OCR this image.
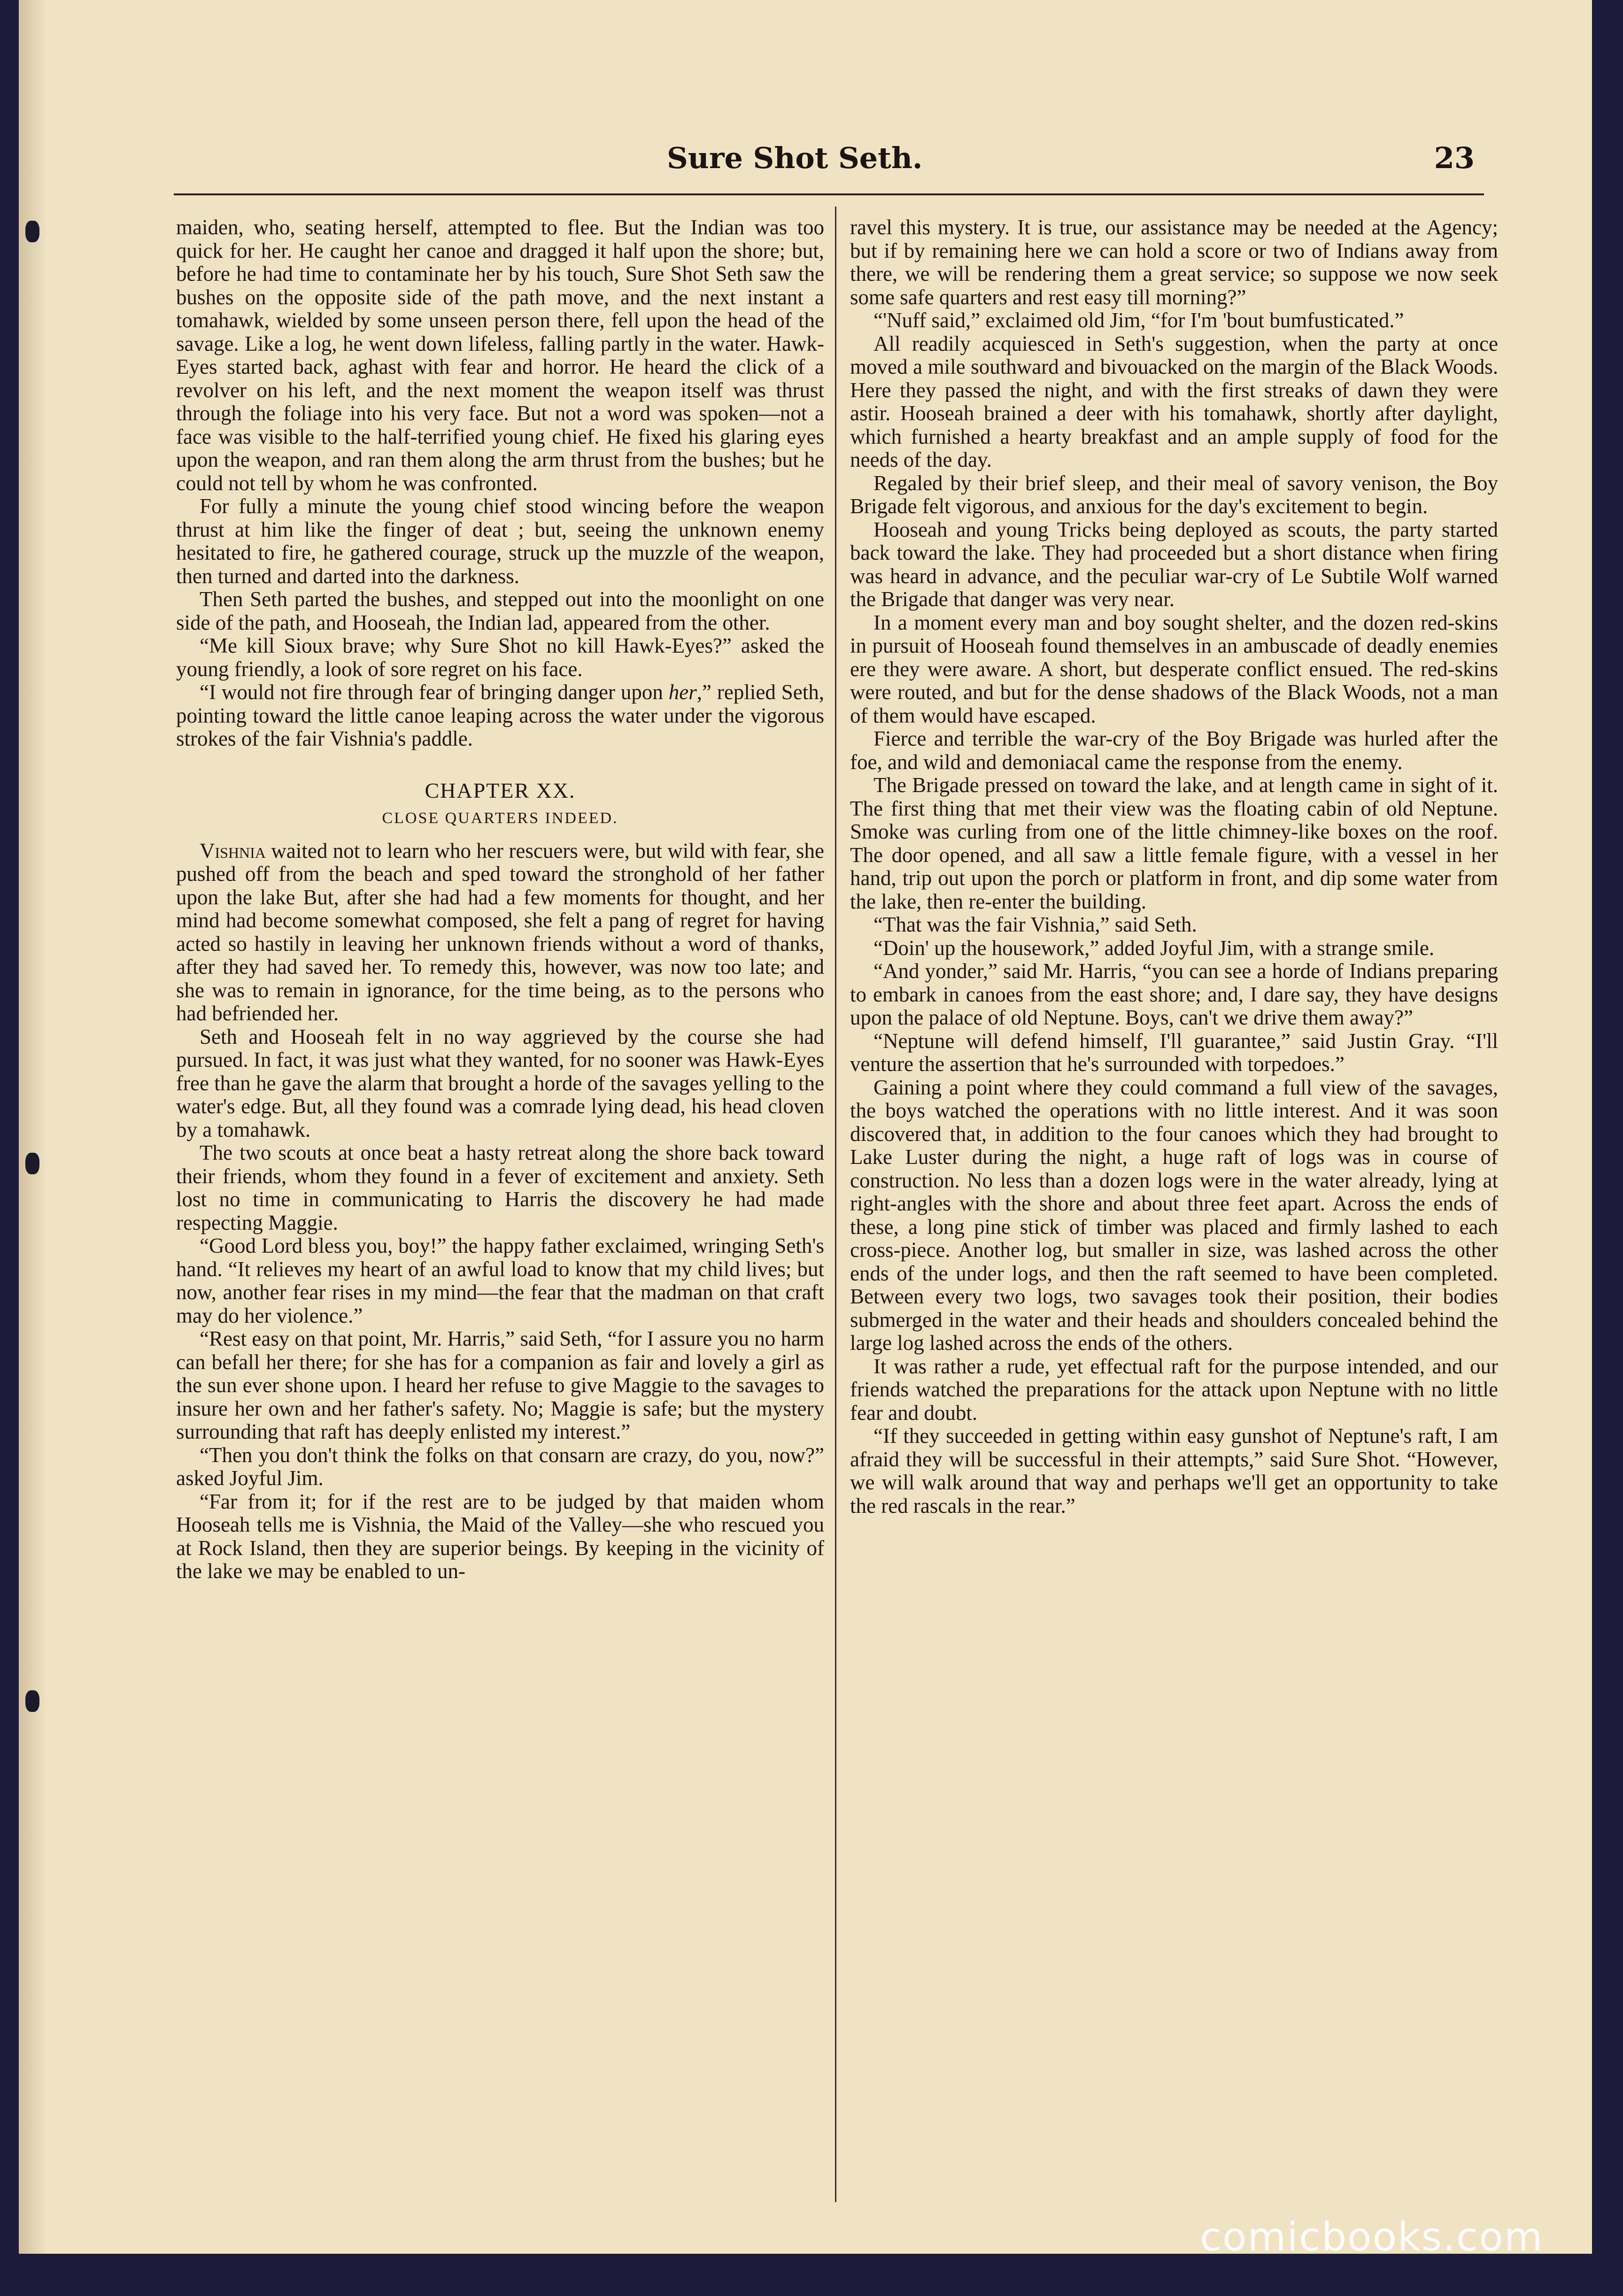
Sure Shot Seth.	23

maiden, who, seating herself, attempted to flee. But the Indian was too quick for her. He caught her canoe and dragged it half upon the shore; but, before he had time to contaminate her by his touch, Sure Shot Seth saw the bushes on the opposite side of the path move, and the next instant a tomahawk, wielded by some unseen person there, fell upon the head of the savage. Like a log, he went down lifeless, falling partly in the water. Hawk-Eyes started back, aghast with fear and horror. He heard the click of a revolver on his left, and the next moment the weapon itself was thrust through the foliage into his very face. But not a word was spoken—not a face was visible to the half-terrified young chief. He fixed his glaring eyes upon the weapon, and ran them along the arm thrust from the bushes; but he could not tell by whom he was confronted.

For fully a minute the young chief stood wincing before the weapon thrust at him like the finger of deat ; but, seeing the unknown enemy hesitated to fire, he gathered courage, struck up the muzzle of the weapon, then turned and darted into the darkness.

Then Seth parted the bushes, and stepped out into the moonlight on one side of the path, and Hooseah, the Indian lad, appeared from the other.

“Me kill Sioux brave; why Sure Shot no kill Hawk-Eyes?” asked the young friendly, a look of sore regret on his face.

“I would not fire through fear of bringing danger upon her,” replied Seth, pointing toward the little canoe leaping across the water under the vigorous strokes of the fair Vishnia's paddle.

CHAPTER XX.
CLOSE QUARTERS INDEED.

Vishnia waited not to learn who her rescuers were, but wild with fear, she pushed off from the beach and sped toward the stronghold of her father upon the lake But, after she had had a few moments for thought, and her mind had become somewhat composed, she felt a pang of regret for having acted so hastily in leaving her unknown friends without a word of thanks, after they had saved her. To remedy this, however, was now too late; and she was to remain in ignorance, for the time being, as to the persons who had befriended her.

Seth and Hooseah felt in no way aggrieved by the course she had pursued. In fact, it was just what they wanted, for no sooner was Hawk-Eyes free than he gave the alarm that brought a horde of the savages yelling to the water's edge. But, all they found was a comrade lying dead, his head cloven by a tomahawk.

The two scouts at once beat a hasty retreat along the shore back toward their friends, whom they found in a fever of excitement and anxiety. Seth lost no time in communicating to Harris the discovery he had made respecting Maggie.

“Good Lord bless you, boy!” the happy father exclaimed, wringing Seth's hand. “It relieves my heart of an awful load to know that my child lives; but now, another fear rises in my mind—the fear that the madman on that craft may do her violence.”

“Rest easy on that point, Mr. Harris,” said Seth, “for I assure you no harm can befall her there; for she has for a companion as fair and lovely a girl as the sun ever shone upon. I heard her refuse to give Maggie to the savages to insure her own and her father's safety. No; Maggie is safe; but the mystery surrounding that raft has deeply enlisted my interest.”

“Then you don't think the folks on that consarn are crazy, do you, now?” asked Joyful Jim.

“Far from it; for if the rest are to be judged by that maiden whom Hooseah tells me is Vishnia, the Maid of the Valley—she who rescued you at Rock Island, then they are superior beings. By keeping in the vicinity of the lake we may be enabled to un-

ravel this mystery. It is true, our assistance may be needed at the Agency; but if by remaining here we can hold a score or two of Indians away from there, we will be rendering them a great service; so suppose we now seek some safe quarters and rest easy till morning?”

“'Nuff said,” exclaimed old Jim, “for I'm 'bout bumfusticated.”

All readily acquiesced in Seth's suggestion, when the party at once moved a mile southward and bivouacked on the margin of the Black Woods. Here they passed the night, and with the first streaks of dawn they were astir. Hooseah brained a deer with his tomahawk, shortly after daylight, which furnished a hearty breakfast and an ample supply of food for the needs of the day.

Regaled by their brief sleep, and their meal of savory venison, the Boy Brigade felt vigorous, and anxious for the day's excitement to begin.

Hooseah and young Tricks being deployed as scouts, the party started back toward the lake. They had proceeded but a short distance when firing was heard in advance, and the peculiar war-cry of Le Subtile Wolf warned the Brigade that danger was very near.

In a moment every man and boy sought shelter, and the dozen red-skins in pursuit of Hooseah found themselves in an ambuscade of deadly enemies ere they were aware. A short, but desperate conflict ensued. The red-skins were routed, and but for the dense shadows of the Black Woods, not a man of them would have escaped.

Fierce and terrible the war-cry of the Boy Brigade was hurled after the foe, and wild and demoniacal came the response from the enemy.

The Brigade pressed on toward the lake, and at length came in sight of it. The first thing that met their view was the floating cabin of old Neptune. Smoke was curling from one of the little chimney-like boxes on the roof. The door opened, and all saw a little female figure, with a vessel in her hand, trip out upon the porch or platform in front, and dip some water from the lake, then re-enter the building.

“That was the fair Vishnia,” said Seth.

“Doin' up the housework,” added Joyful Jim, with a strange smile.

“And yonder,” said Mr. Harris, “you can see a horde of Indians preparing to embark in canoes from the east shore; and, I dare say, they have designs upon the palace of old Neptune. Boys, can't we drive them away?”

“Neptune will defend himself, I'll guarantee,” said Justin Gray. “I'll venture the assertion that he's surrounded with torpedoes.”

Gaining a point where they could command a full view of the savages, the boys watched the operations with no little interest. And it was soon discovered that, in addition to the four canoes which they had brought to Lake Luster during the night, a huge raft of logs was in course of construction. No less than a dozen logs were in the water already, lying at right-angles with the shore and about three feet apart. Across the ends of these, a long pine stick of timber was placed and firmly lashed to each cross-piece. Another log, but smaller in size, was lashed across the other ends of the under logs, and then the raft seemed to have been completed. Between every two logs, two savages took their position, their bodies submerged in the water and their heads and shoulders concealed behind the large log lashed across the ends of the others.

It was rather a rude, yet effectual raft for the purpose intended, and our friends watched the preparations for the attack upon Neptune with no little fear and doubt.

“If they succeeded in getting within easy gunshot of Neptune's raft, I am afraid they will be successful in their attempts,” said Sure Shot. “However, we will walk around that way and perhaps we'll get an opportunity to take the red rascals in the rear.”

comicbooks.com
